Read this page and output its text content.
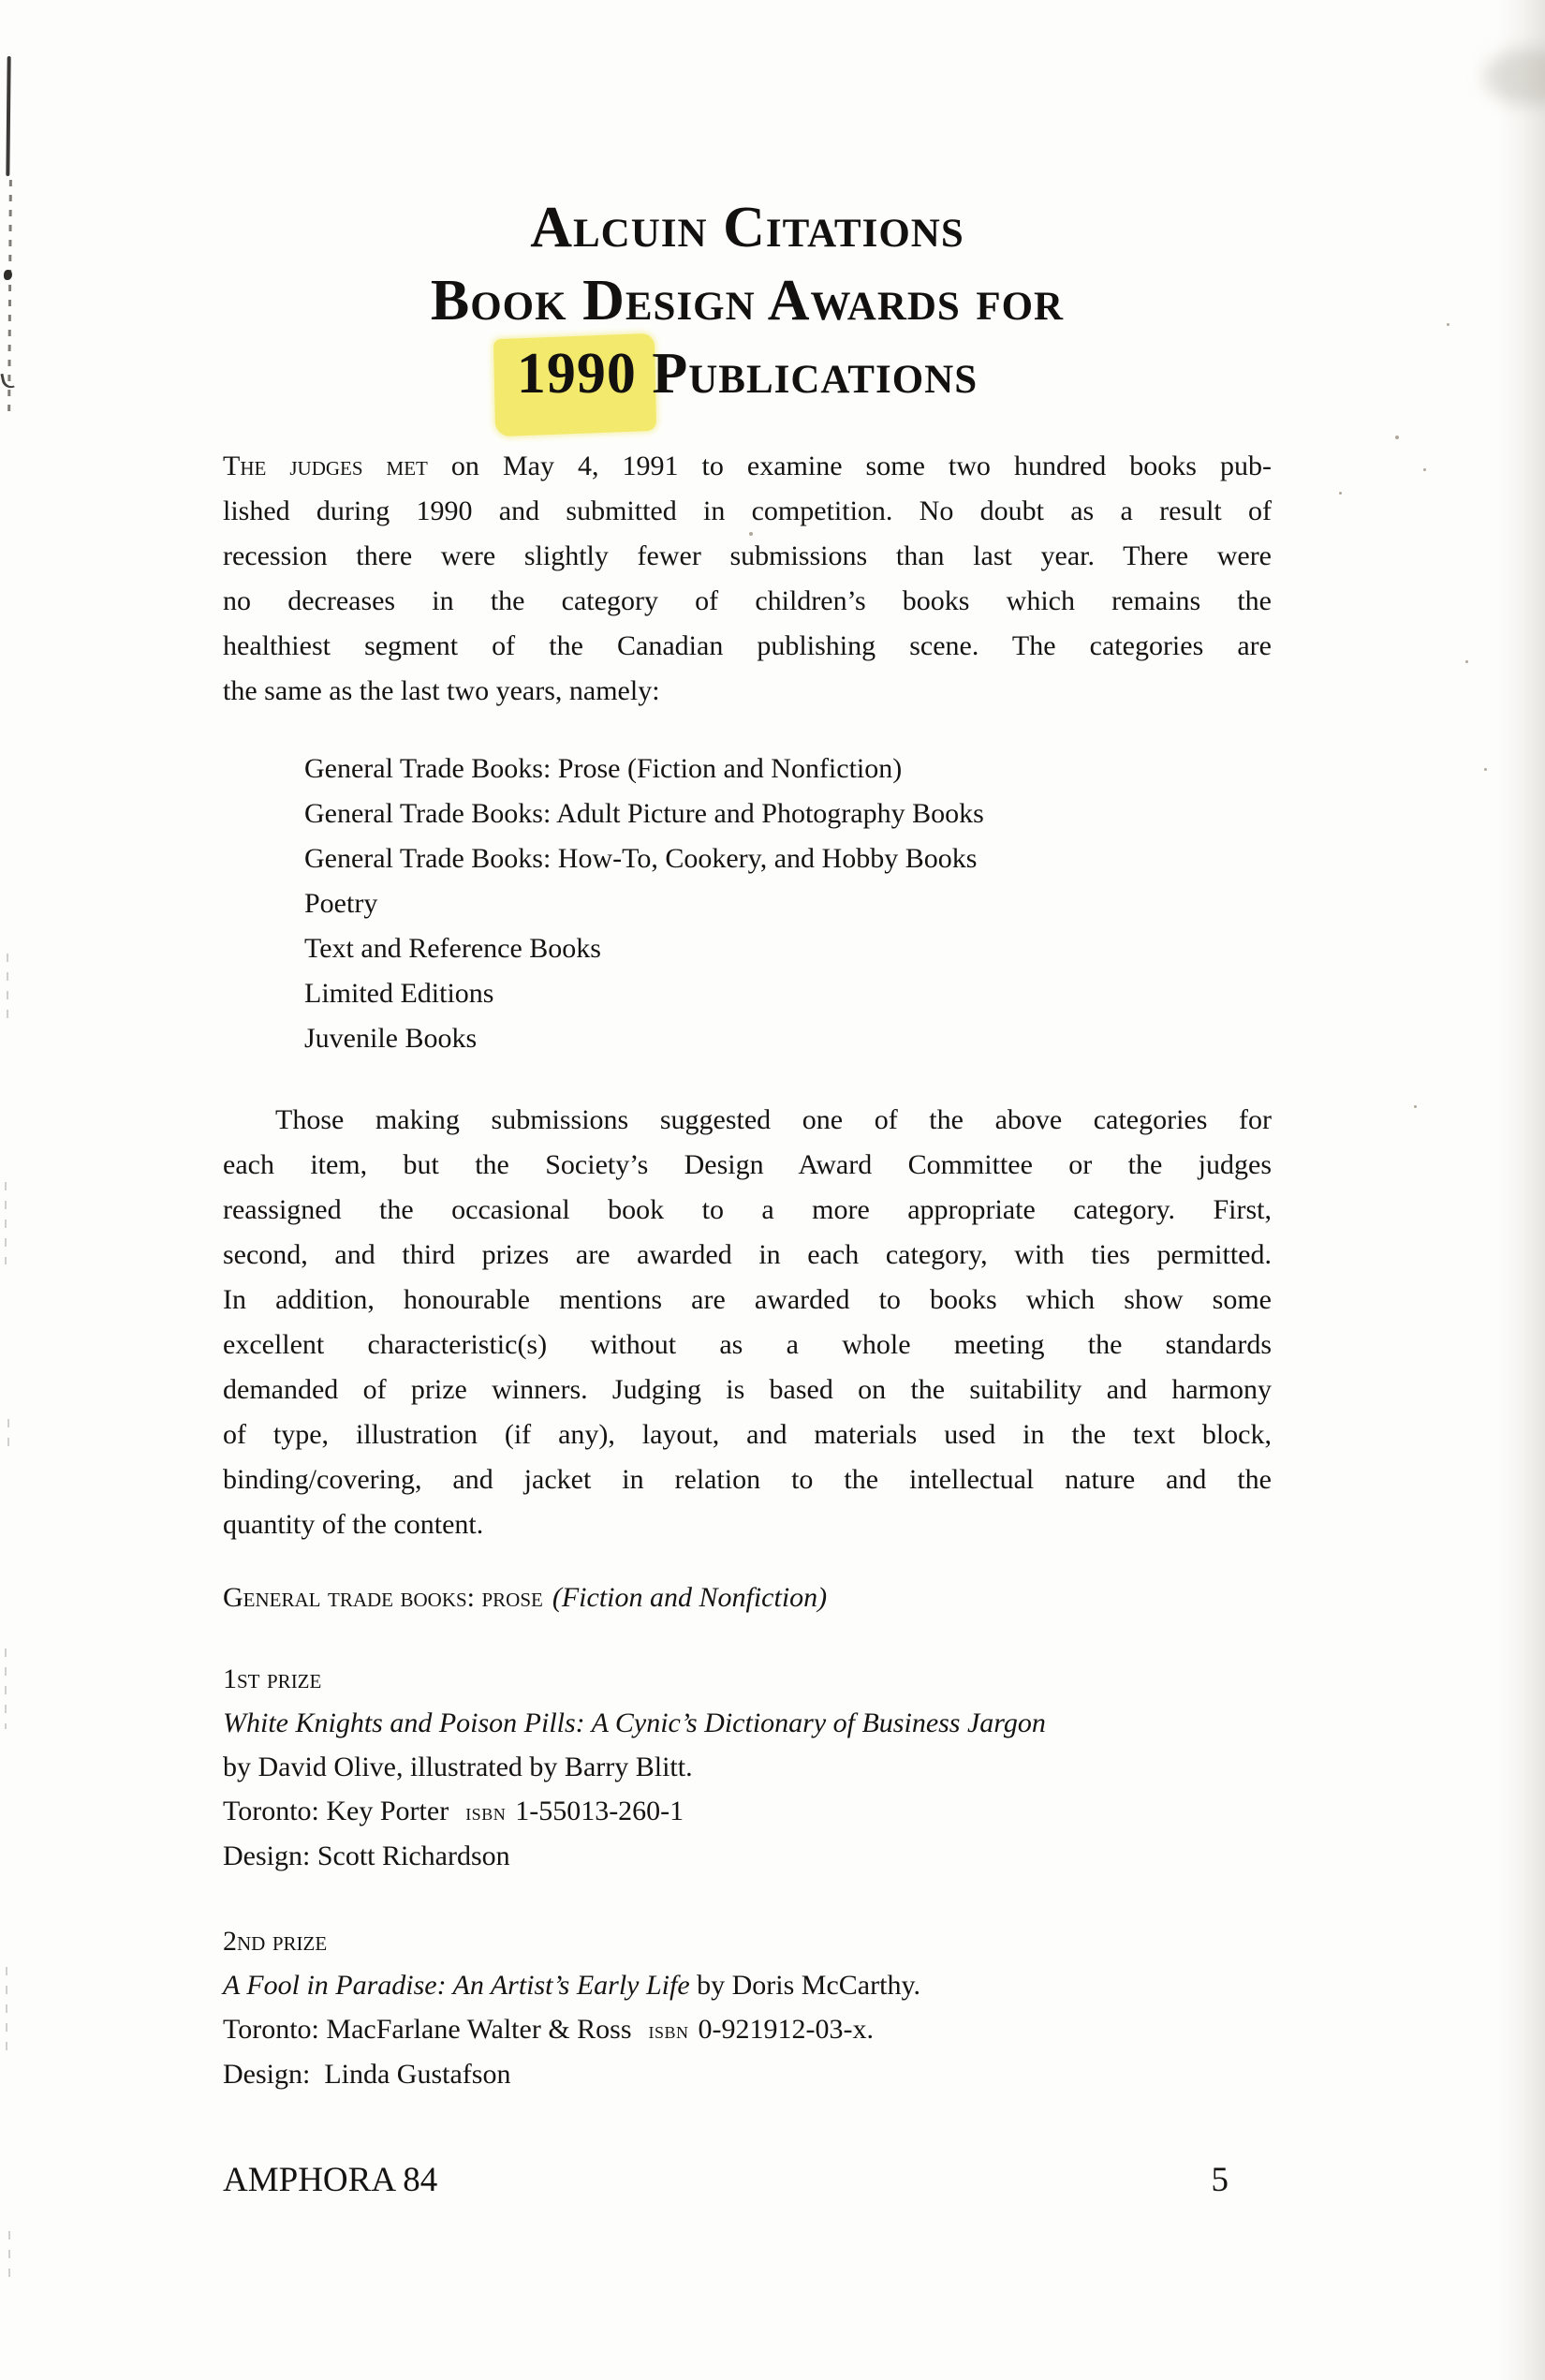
Alcuin Citations
Book Design Awards for
1990 Publications
The judges met on May 4, 1991 to examine some two hundred books pub-
lished during 1990 and submitted in competition. No doubt as a result of
recession there were slightly fewer submissions than last year. There were
no decreases in the category of children’s books which remains the
healthiest segment of the Canadian publishing scene. The categories are
the same as the last two years, namely:
General Trade Books: Prose (Fiction and Nonfiction)
General Trade Books: Adult Picture and Photography Books
General Trade Books: How-To, Cookery, and Hobby Books
Poetry
Text and Reference Books
Limited Editions
Juvenile Books
Those making submissions suggested one of the above categories for
each item, but the Society’s Design Award Committee or the judges
reassigned the occasional book to a more appropriate category. First,
second, and third prizes are awarded in each category, with ties permitted.
In addition, honourable mentions are awarded to books which show some
excellent characteristic(s) without as a whole meeting the standards
demanded of prize winners. Judging is based on the suitability and harmony
of type, illustration (if any), layout, and materials used in the text block,
binding/covering, and jacket in relation to the intellectual nature and the
quantity of the content.
General trade books: prose (Fiction and Nonfiction)
1st prize
White Knights and Poison Pills: A Cynic’s Dictionary of Business Jargon
by David Olive, illustrated by Barry Blitt.
Toronto: Key Porter isbn 1-55013-260-1
Design: Scott Richardson
2nd prize
A Fool in Paradise: An Artist’s Early Life by Doris McCarthy.
Toronto: MacFarlane Walter & Ross isbn 0-921912-03-x.
Design:  Linda Gustafson
AMPHORA 84	5
